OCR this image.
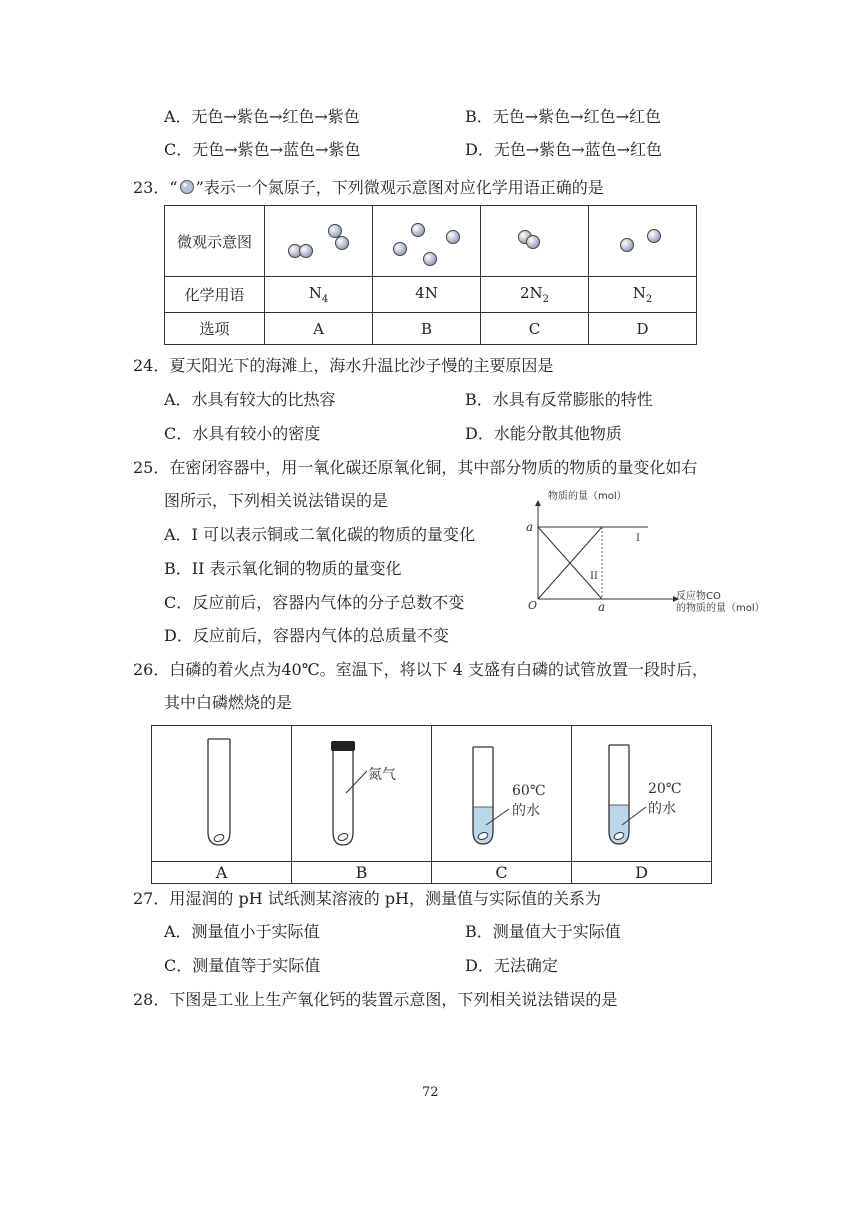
A．无色→紫色→红色→紫色	B．无色→紫色→红色→红色
C．无色→紫色→蓝色→紫色	D．无色→紫色→蓝色→红色
23．“ ”表示一个氮原子，下列微观示意图对应化学用语正确的是
微观示意图				
化学用语	$N_4$	4N	$2N_2$	$N_2$
选项	A	B	C	D
24．夏天阳光下的海滩上，海水升温比沙子慢的主要原因是
A．水具有较大的比热容	B．水具有反常膨胀的特性
C．水具有较小的密度	D．水能分散其他物质
25．在密闭容器中，用一氧化碳还原氧化铜，其中部分物质的物质的量变化如右
图所示，下列相关说法错误的是
A．I 可以表示铜或二氧化碳的物质的量变化
B．II 表示氧化铜的物质的量变化
C．反应前后，容器内气体的分子总数不变
D．反应前后，容器内气体的总质量不变
物质的量（mol）
a
O	a
I
II
反应物CO
的物质的量（mol）
26．白磷的着火点为40℃。室温下，将以下 4 支盛有白磷的试管放置一段时后，
其中白磷燃烧的是

氮气	60℃
的水	20℃
的水

A	B	C	D
27．用湿润的 pH 试纸测某溶液的 pH，测量值与实际值的关系为
A．测量值小于实际值	B．测量值大于实际值
C．测量值等于实际值	D．无法确定
28．下图是工业上生产氧化钙的装置示意图，下列相关说法错误的是
72
